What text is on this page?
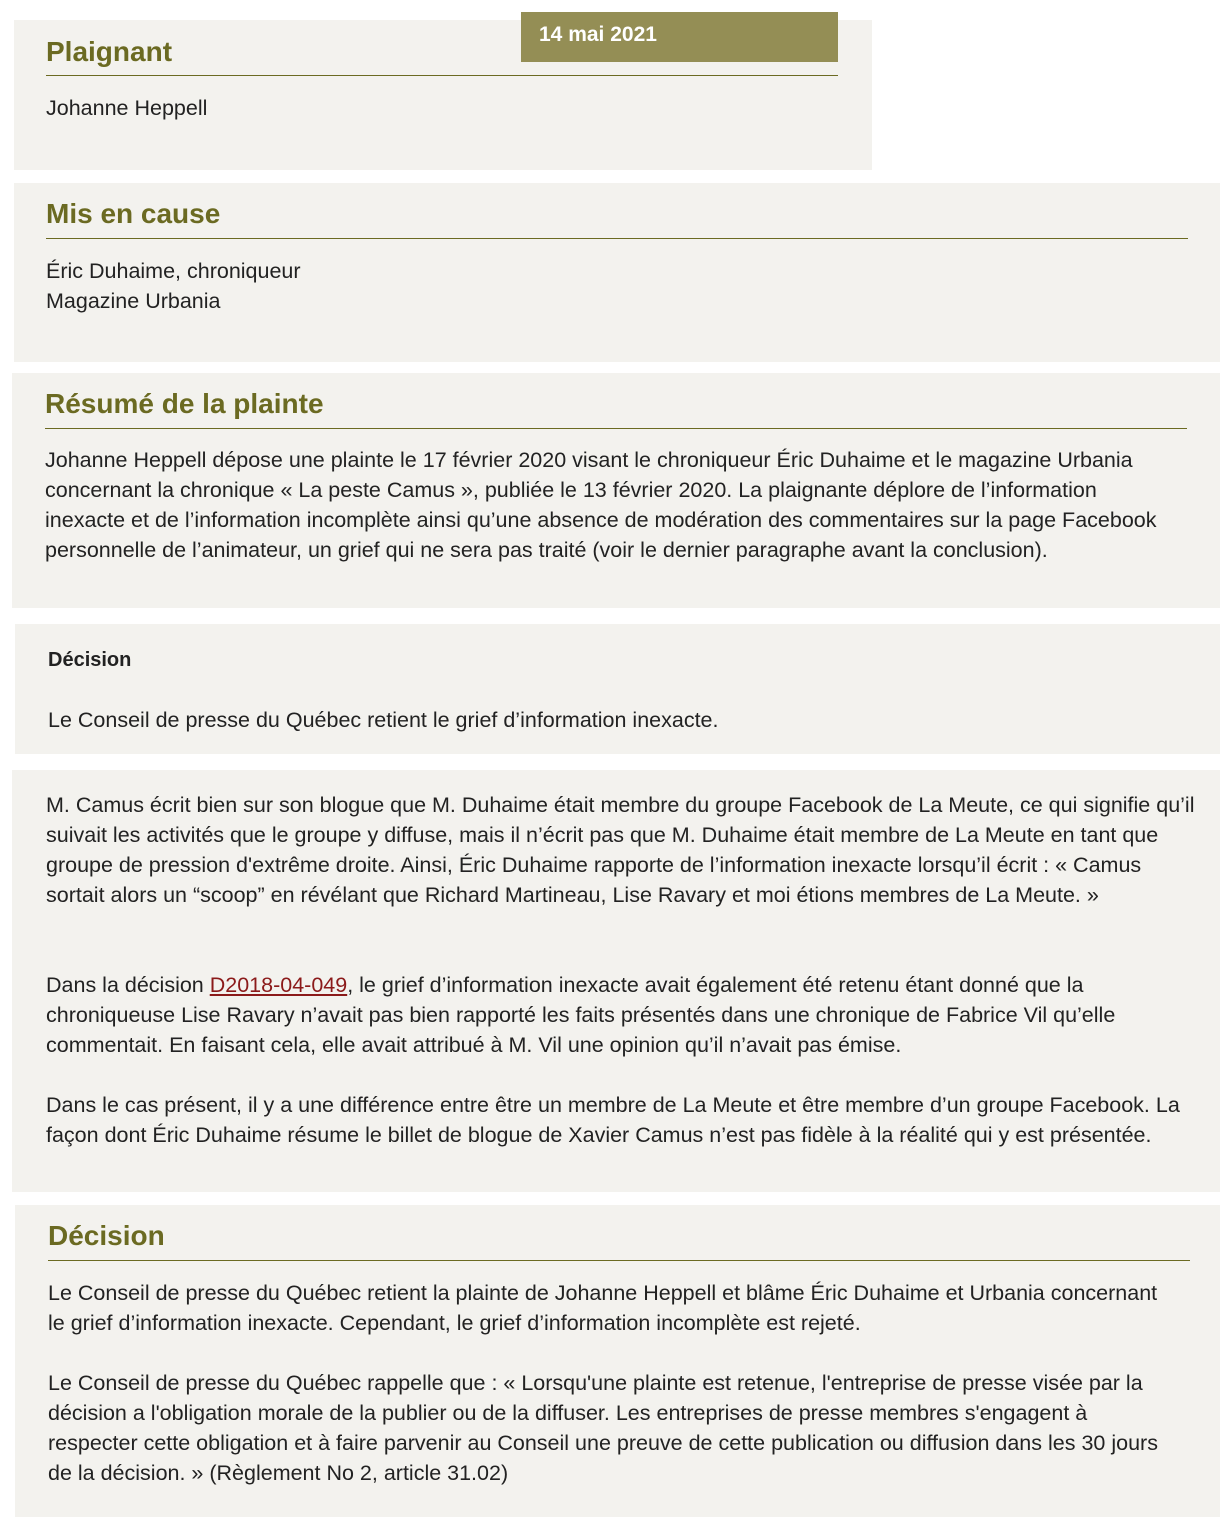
Plaignant

Johanne Heppell

14 mai 2021
Mis en cause

Éric Duhaime, chroniqueur

Magazine Urbania

Résumé de la plainte

Johanne Heppell dépose une plainte le 17 février 2020 visant le chroniqueur Éric Duhaime et le magazine Urbania concernant la chronique « La peste Camus », publiée le 13 février 2020. La plaignante déplore de l’information inexacte et de l’information incomplète ainsi qu’une absence de modération des commentaires sur la page Facebook personnelle de l’animateur, un grief qui ne sera pas traité (voir le dernier paragraphe avant la conclusion).

Décision

Le Conseil de presse du Québec retient le grief d’information inexacte.

M. Camus écrit bien sur son blogue que M. Duhaime était membre du groupe Facebook de La Meute, ce qui signifie qu’il suivait les activités que le groupe y diffuse, mais il n’écrit pas que M. Duhaime était membre de La Meute en tant que groupe de pression d'extrême droite. Ainsi, Éric Duhaime rapporte de l’information inexacte lorsqu’il écrit : « Camus sortait alors un “scoop” en révélant que Richard Martineau, Lise Ravary et moi étions membres de La Meute. »

Dans la décision D2018-04-049, le grief d’information inexacte avait également été retenu étant donné que la chroniqueuse Lise Ravary n’avait pas bien rapporté les faits présentés dans une chronique de Fabrice Vil qu’elle commentait. En faisant cela, elle avait attribué à M. Vil une opinion qu’il n’avait pas émise.

Dans le cas présent, il y a une différence entre être un membre de La Meute et être membre d’un groupe Facebook. La façon dont Éric Duhaime résume le billet de blogue de Xavier Camus n’est pas fidèle à la réalité qui y est présentée.

Décision

Le Conseil de presse du Québec retient la plainte de Johanne Heppell et blâme Éric Duhaime et Urbania concernant le grief d’information inexacte. Cependant, le grief d’information incomplète est rejeté.

Le Conseil de presse du Québec rappelle que : « Lorsqu'une plainte est retenue, l'entreprise de presse visée par la décision a l'obligation morale de la publier ou de la diffuser. Les entreprises de presse membres s'engagent à respecter cette obligation et à faire parvenir au Conseil une preuve de cette publication ou diffusion dans les 30 jours de la décision. » (Règlement No 2, article 31.02)
